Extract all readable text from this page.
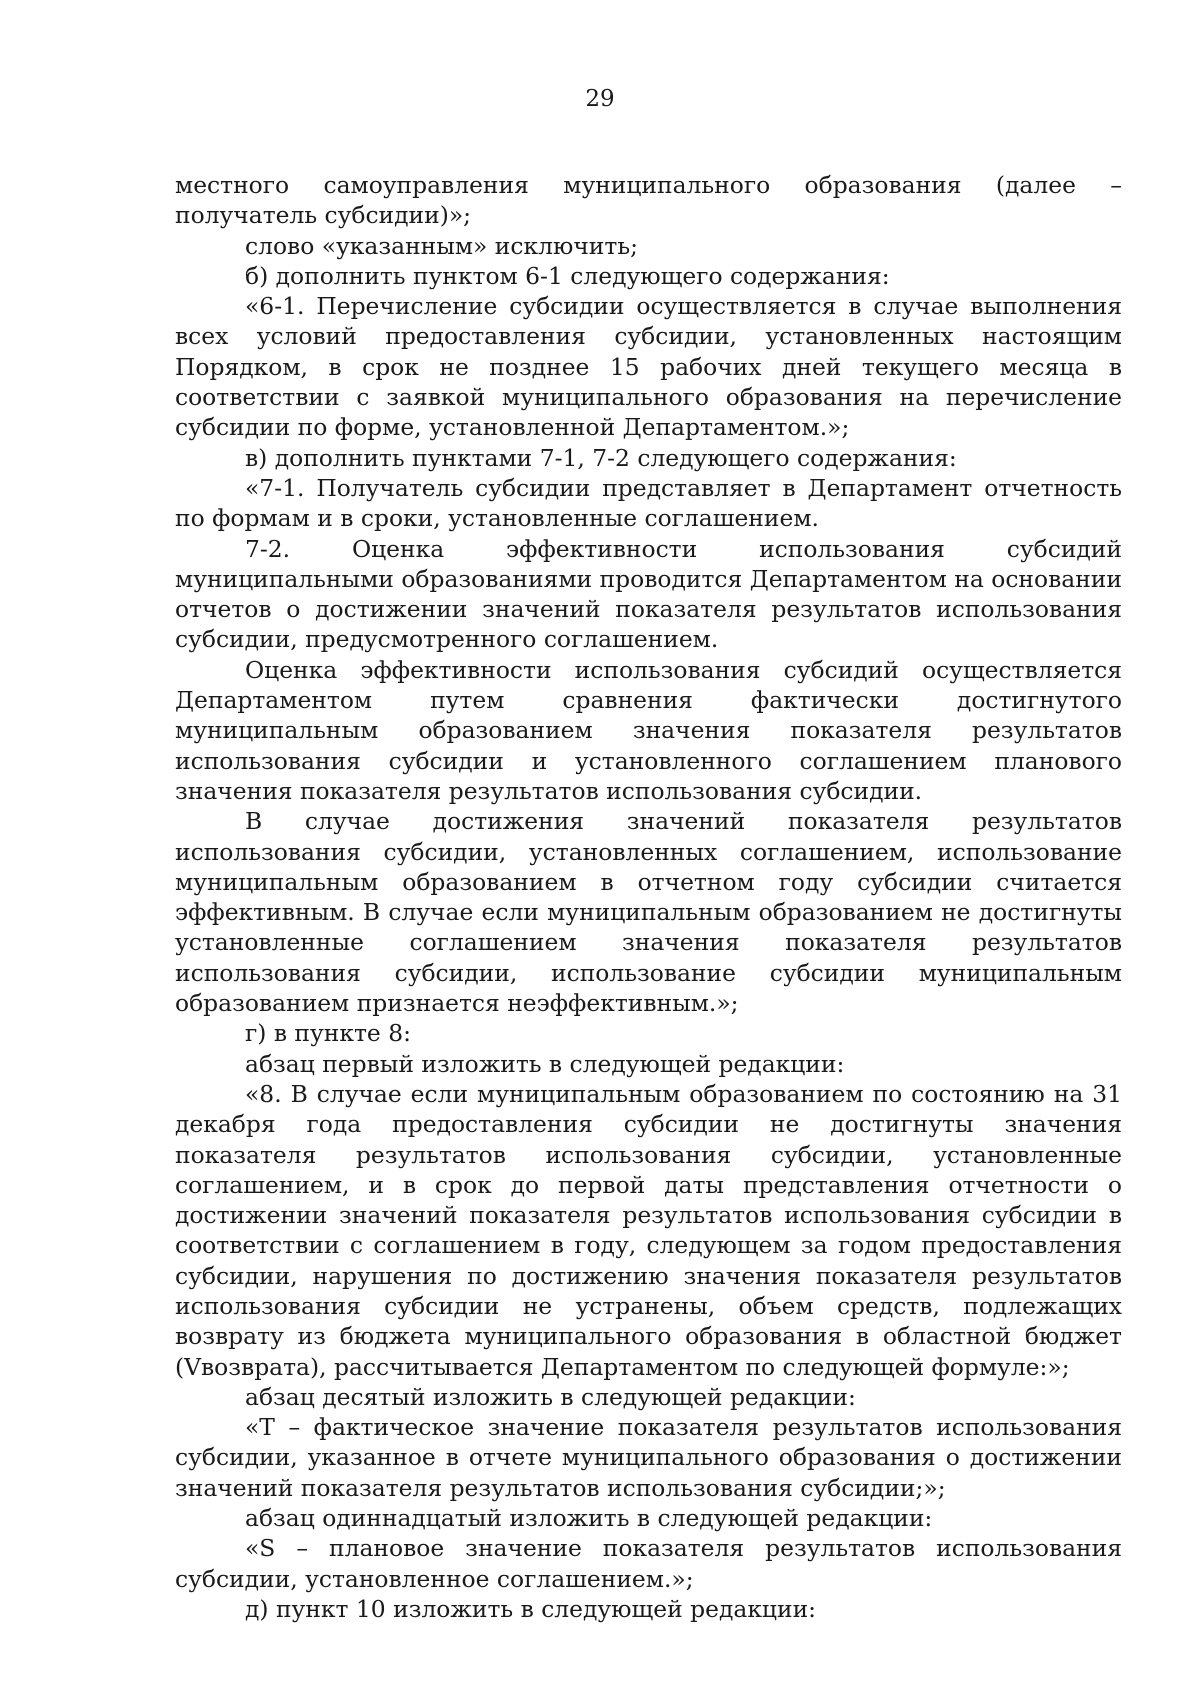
29

местного самоуправления муниципального образования (далее – получатель субсидии)»;

слово «указанным» исключить;

б) дополнить пунктом 6-1 следующего содержания:

«6-1. Перечисление субсидии осуществляется в случае выполнения всех условий предоставления субсидии, установленных настоящим Порядком, в срок не позднее 15 рабочих дней текущего месяца в соответствии с заявкой муниципального образования на перечисление субсидии по форме, установленной Департаментом.»;

в) дополнить пунктами 7-1, 7-2 следующего содержания:

«7-1. Получатель субсидии представляет в Департамент отчетность по формам и в сроки, установленные соглашением.

7-2. Оценка эффективности использования субсидий муниципальными образованиями проводится Департаментом на основании отчетов о достижении значений показателя результатов использования субсидии, предусмотренного соглашением.

Оценка эффективности использования субсидий осуществляется Департаментом путем сравнения фактически достигнутого муниципальным образованием значения показателя результатов использования субсидии и установленного соглашением планового значения показателя результатов использования субсидии.

В случае достижения значений показателя результатов использования субсидии, установленных соглашением, использование муниципальным образованием в отчетном году субсидии считается эффективным. В случае если муниципальным образованием не достигнуты установленные соглашением значения показателя результатов использования субсидии, использование субсидии муниципальным образованием признается неэффективным.»;

г) в пункте 8:

абзац первый изложить в следующей редакции:

«8. В случае если муниципальным образованием по состоянию на 31 декабря года предоставления субсидии не достигнуты значения показателя результатов использования субсидии, установленные соглашением, и в срок до первой даты представления отчетности о достижении значений показателя результатов использования субсидии в соответствии с соглашением в году, следующем за годом предоставления субсидии, нарушения по достижению значения показателя результатов использования субсидии не устранены, объем средств, подлежащих возврату из бюджета муниципального образования в областной бюджет (Vвозврата), рассчитывается Департаментом по следующей формуле:»;

абзац десятый изложить в следующей редакции:

«T – фактическое значение показателя результатов использования субсидии, указанное в отчете муниципального образования о достижении значений показателя результатов использования субсидии;»;

абзац одиннадцатый изложить в следующей редакции:

«S – плановое значение показателя результатов использования субсидии, установленное соглашением.»;

д) пункт 10 изложить в следующей редакции:
